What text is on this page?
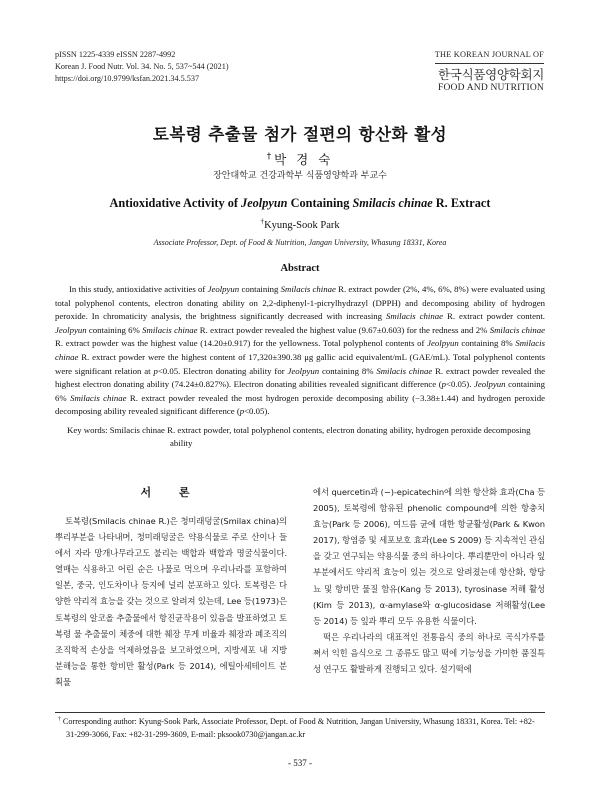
pISSN 1225-4339 eISSN 2287-4992
Korean J. Food Nutr. Vol. 34. No. 5, 537~544 (2021)
https://doi.org/10.9799/ksfan.2021.34.5.537
THE KOREAN JOURNAL OF
한국식품영양학회지
FOOD AND NUTRITION
토복령 추출물 첨가 절편의 항산화 활성
†박 경 숙
장안대학교 건강과학부 식품영양학과 부교수
Antioxidative Activity of Jeolpyun Containing Smilacis chinae R. Extract
†Kyung-Sook Park
Associate Professor, Dept. of Food & Nutrition, Jangan University, Whasung 18331, Korea
Abstract
In this study, antioxidative activities of Jeolpyun containing Smilacis chinae R. extract powder (2%, 4%, 6%, 8%) were evaluated using total polyphenol contents, electron donating ability on 2,2-diphenyl-1-picrylhydrazyl (DPPH) and decomposing ability of hydrogen peroxide. In chromaticity analysis, the brightness significantly decreased with increasing Smilacis chinae R. extract powder content. Jeolpyun containing 6% Smilacis chinae R. extract powder revealed the highest value (9.67±0.603) for the redness and 2% Smilacis chinae R. extract powder was the highest value (14.20±0.917) for the yellowness. Total polyphenol contents of Jeolpyun containing 8% Smilacis chinae R. extract powder were the highest content of 17,320±390.38 μg gallic acid equivalent/mL (GAE/mL). Total polyphenol contents were significant relation at p<0.05. Electron donating ability for Jeolpyun containing 8% Smilacis chinae R. extract powder revealed the highest electron donating ability (74.24±0.827%). Electron donating abilities revealed significant difference (p<0.05). Jeolpyun containing 6% Smilacis chinae R. extract powder revealed the most hydrogen peroxide decomposing ability (−3.38±1.44) and hydrogen peroxide decomposing ability revealed significant difference (p<0.05).
Key words: Smilacis chinae R. extract powder, total polyphenol contents, electron donating ability, hydrogen peroxide decomposing ability
서 론

토복령(Smilacis chinae R.)은 청미래덩굴(Smilax china)의 뿌리부분을 나타내며, 청미래덩굴은 약용식물로 주로 산이나 들에서 자라 망개나무라고도 불리는 백합과 백합과 명굴식물이다. 열매는 식용하고 어린 순은 나물로 먹으며 우리나라를 포함하여 일본, 중국, 인도차이나 등지에 널리 분포하고 있다. 토복령은 다양한 약리적 효능을 갖는 것으로 알려져 있는데, Lee 등(1973)은 토복령의 알코올 추출물에서 항진균작용이 있음을 발표하였고 토복령 물 추출물이 체중에 대한 췌장 무게 비율과 췌장과 폐조직의 조직학적 손상을 억제하였음을 보고하였으며, 지방세포 내 지방 분해능을 통한 항비만 활성(Park 등 2014), 에틸아세테이트 분획물

에서 quercetin과 (−)-epicatechin에 의한 항산화 효과(Cha 등 2005), 토복령에 함유된 phenolic compound에 의한 항충치 효능(Park 등 2006), 여드름 균에 대한 항균활성(Park & Kwon 2017), 항염증 및 세포보호 효과(Lee S 2009) 등 지속적인 관심을 갖고 연구되는 약용식물 중의 하나이다. 뿌리뿐만이 아니라 잎 부분에서도 약리적 효능이 있는 것으로 알려졌는데 항산화, 항당뇨 및 항비만 물질 함유(Kang 등 2013), tyrosinase 저해 활성(Kim 등 2013), α-amylase와 α-glucosidase 저해활성(Lee 등 2014) 등 잎과 뿌리 모두 유용한 식물이다.

떡은 우리나라의 대표적인 전통음식 중의 하나로 곡식가루를 쪄서 익힌 음식으로 그 종류도 많고 떡에 기능성을 가미한 품질특성 연구도 활발하게 진행되고 있다. 설기떡에

† Corresponding author: Kyung-Sook Park, Associate Professor, Dept. of Food & Nutrition, Jangan University, Whasung 18331, Korea. Tel: +82-31-299-3066, Fax: +82-31-299-3609, E-mail: pksook0730@jangan.ac.kr
- 537 -
